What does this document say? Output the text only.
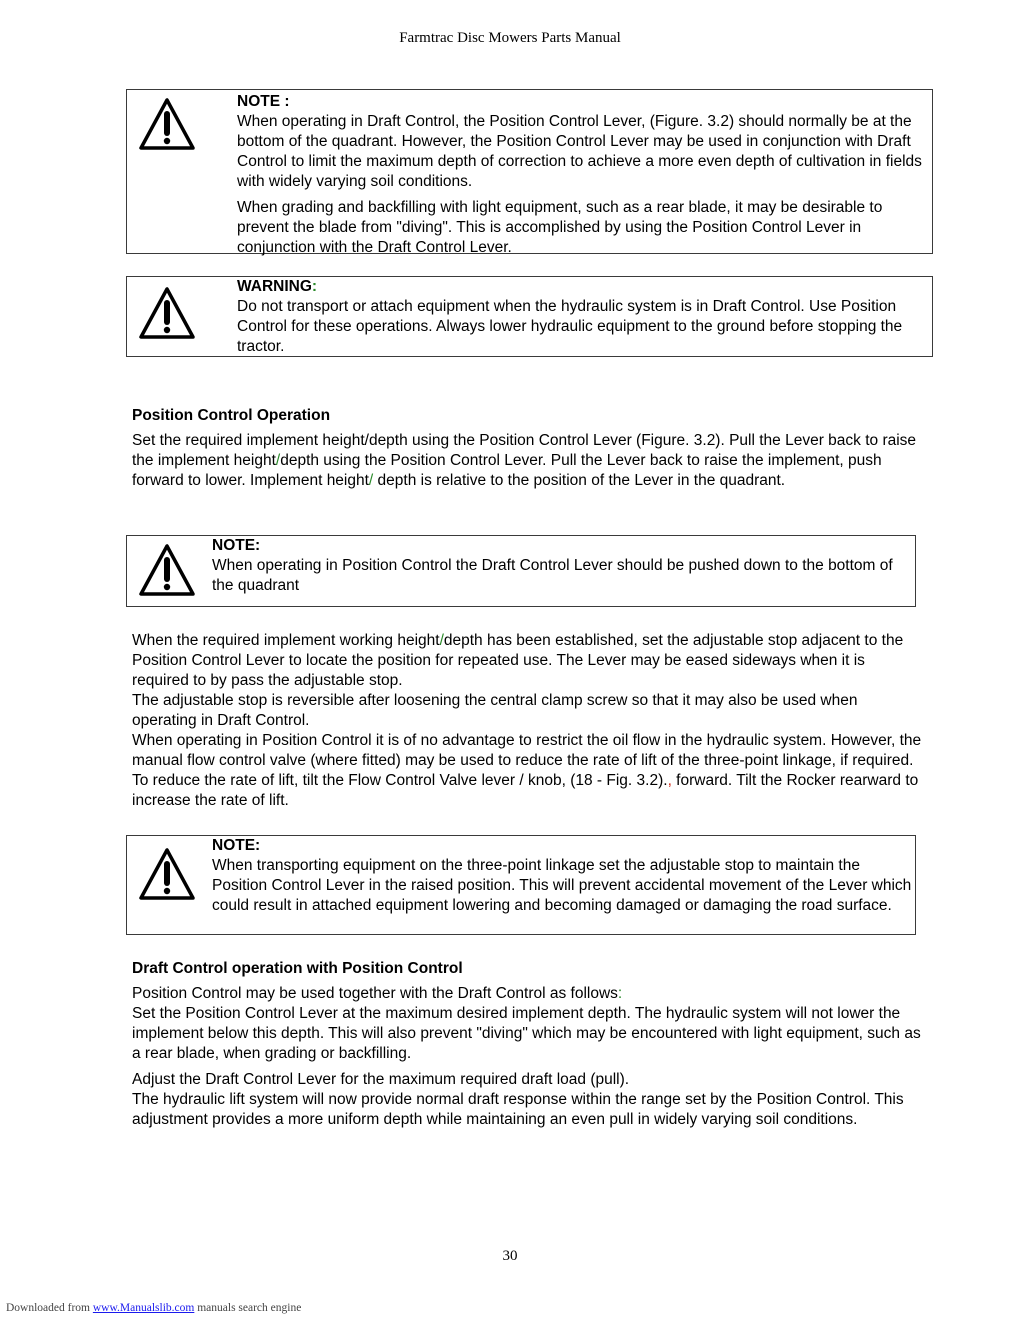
Farmtrac Disc Mowers Parts Manual

NOTE :

When operating in Draft Control, the Position Control Lever, (Figure. 3.2) should normally be at the bottom of the quadrant. However, the Position Control Lever may be used in conjunction with Draft Control to limit the maximum depth of correction to achieve a more even depth of cultivation in fields with widely varying soil conditions.

When grading and backfilling with light equipment, such as a rear blade, it may be desirable to prevent the blade from "diving". This is accomplished by using the Position Control Lever in conjunction with the Draft Control Lever.

WARNING:

Do not transport or attach equipment when the hydraulic system is in Draft Control. Use Position Control for these operations. Always lower hydraulic equipment to the ground before stopping the tractor.

Position Control Operation

Set the required implement height/depth using the Position Control Lever (Figure. 3.2). Pull the Lever back to raise the implement height/depth using the Position Control Lever. Pull the Lever back to raise the implement, push forward to lower. Implement height/ depth is relative to the position of the Lever in the quadrant.

NOTE:

When operating in Position Control the Draft Control Lever should be pushed down to the bottom of the quadrant

When the required implement working height/depth has been established, set the adjustable stop adjacent to the Position Control Lever to locate the position for repeated use. The Lever may be eased sideways when it is required to by pass the adjustable stop.

The adjustable stop is reversible after loosening the central clamp screw so that it may also be used when operating in Draft Control.

When operating in Position Control it is of no advantage to restrict the oil flow in the hydraulic system. However, the manual flow control valve (where fitted) may be used to reduce the rate of lift of the three-point linkage, if required. To reduce the rate of lift, tilt the Flow Control Valve lever / knob, (18 - Fig. 3.2)., forward. Tilt the Rocker rearward to increase the rate of lift.

NOTE:

When transporting equipment on the three-point linkage set the adjustable stop to maintain the Position Control Lever in the raised position. This will prevent accidental movement of the Lever which could result in attached equipment lowering and becoming damaged or damaging the road surface.

Draft Control operation with Position Control

Position Control may be used together with the Draft Control as follows:

Set the Position Control Lever at the maximum desired implement depth. The hydraulic system will not lower the implement below this depth. This will also prevent "diving" which may be encountered with light equipment, such as a rear blade, when grading or backfilling.

Adjust the Draft Control Lever for the maximum required draft load (pull).

The hydraulic lift system will now provide normal draft response within the range set by the Position Control. This adjustment provides a more uniform depth while maintaining an even pull in widely varying soil conditions.

30
Downloaded from www.Manualslib.com manuals search engine
